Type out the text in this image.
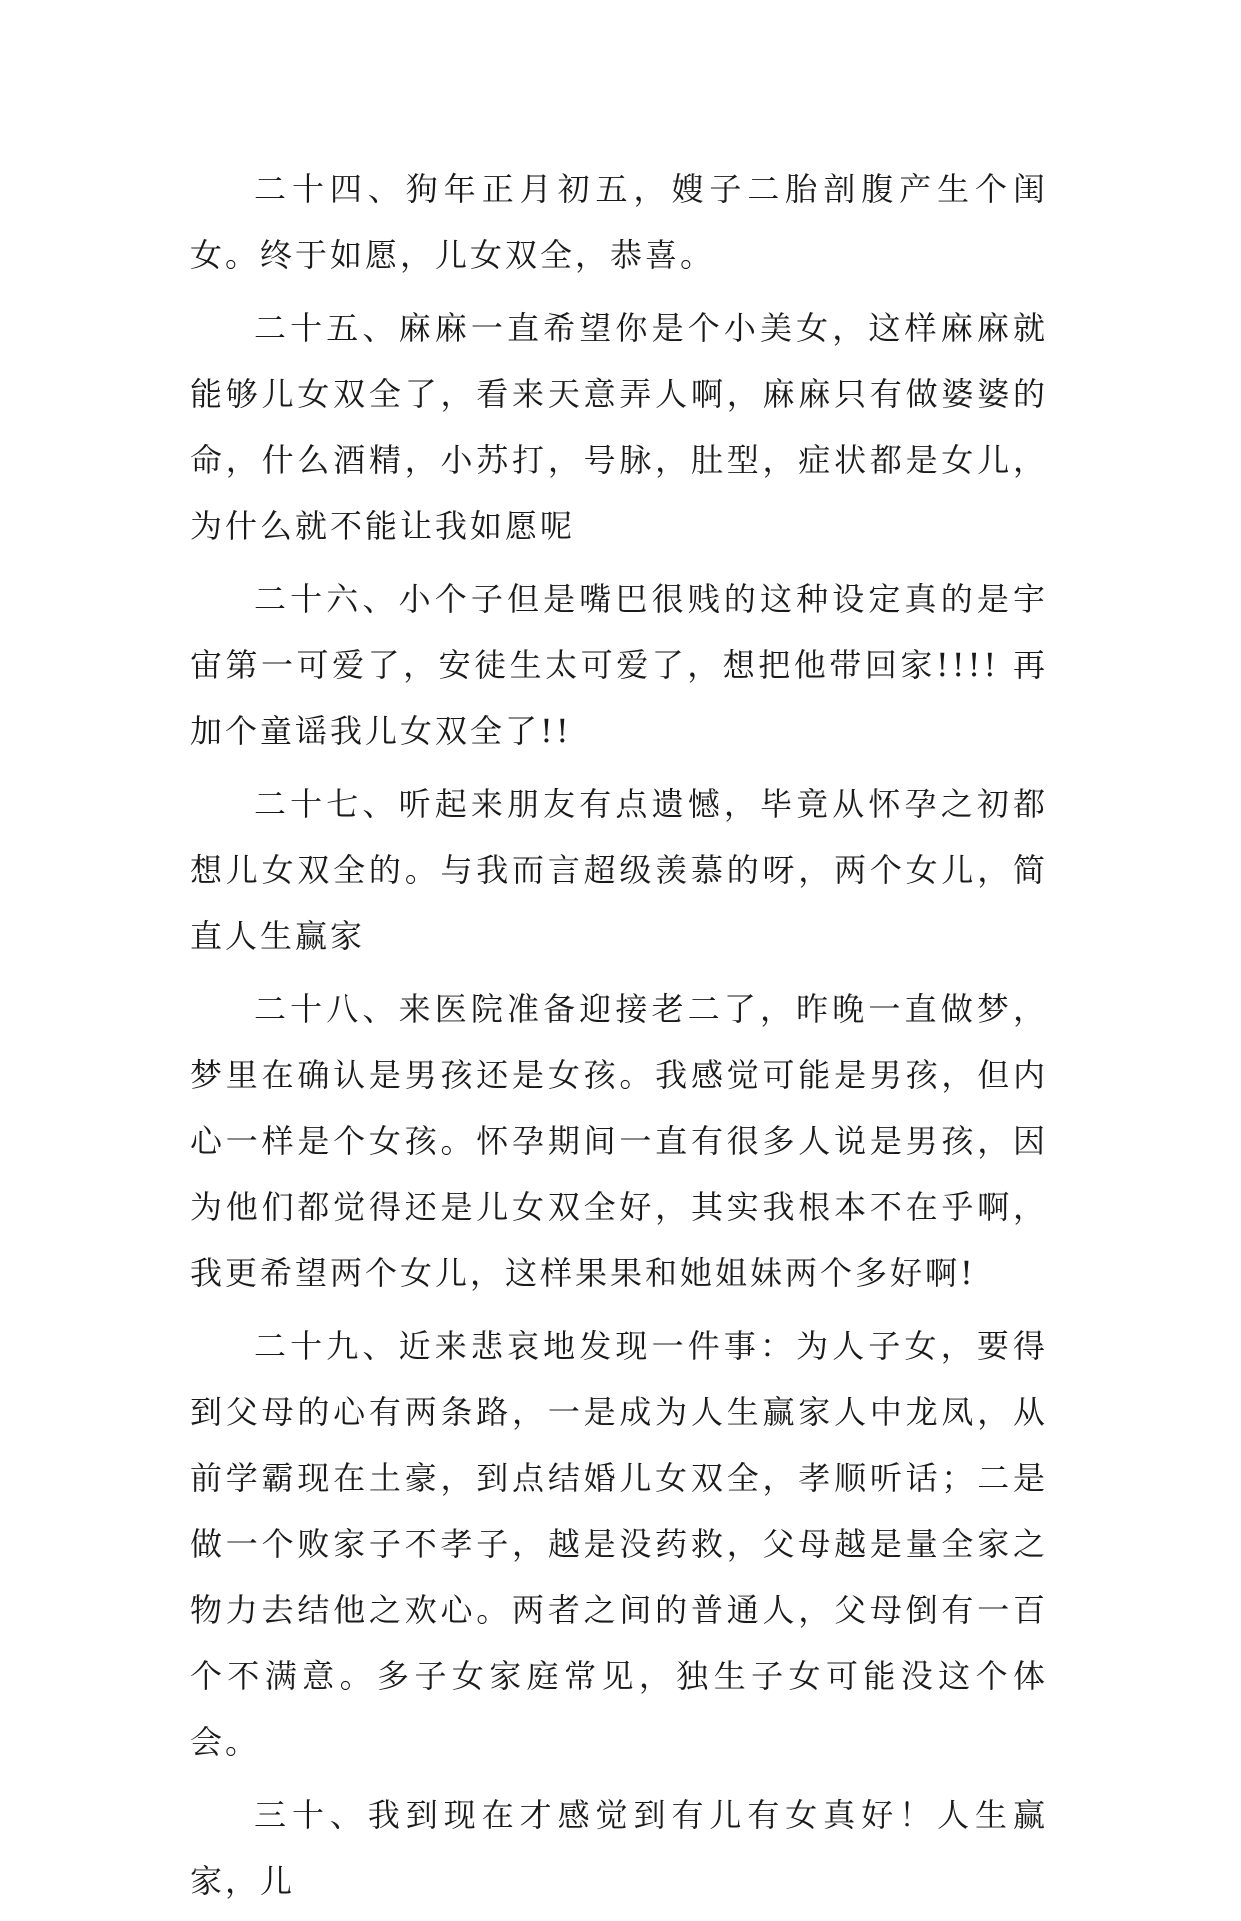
二十四、狗年正月初五，嫂子二胎剖腹产生个闺女。终于如愿，儿女双全，恭喜。

二十五、麻麻一直希望你是个小美女，这样麻麻就能够儿女双全了，看来天意弄人啊，麻麻只有做婆婆的命，什么酒精，小苏打，号脉，肚型，症状都是女儿，为什么就不能让我如愿呢

二十六、小个子但是嘴巴很贱的这种设定真的是宇宙第一可爱了，安徒生太可爱了，想把他带回家!!!! 再加个童谣我儿女双全了!!

二十七、听起来朋友有点遗憾，毕竟从怀孕之初都想儿女双全的。与我而言超级羡慕的呀，两个女儿，简直人生赢家

二十八、来医院准备迎接老二了，昨晚一直做梦，梦里在确认是男孩还是女孩。我感觉可能是男孩，但内心一样是个女孩。怀孕期间一直有很多人说是男孩，因为他们都觉得还是儿女双全好，其实我根本不在乎啊，我更希望两个女儿，这样果果和她姐妹两个多好啊!

二十九、近来悲哀地发现一件事：为人子女，要得到父母的心有两条路，一是成为人生赢家人中龙凤，从前学霸现在土豪，到点结婚儿女双全，孝顺听话；二是做一个败家子不孝子，越是没药救，父母越是量全家之物力去结他之欢心。两者之间的普通人，父母倒有一百个不满意。多子女家庭常见，独生子女可能没这个体会。

三十、我到现在才感觉到有儿有女真好！人生赢家，儿
